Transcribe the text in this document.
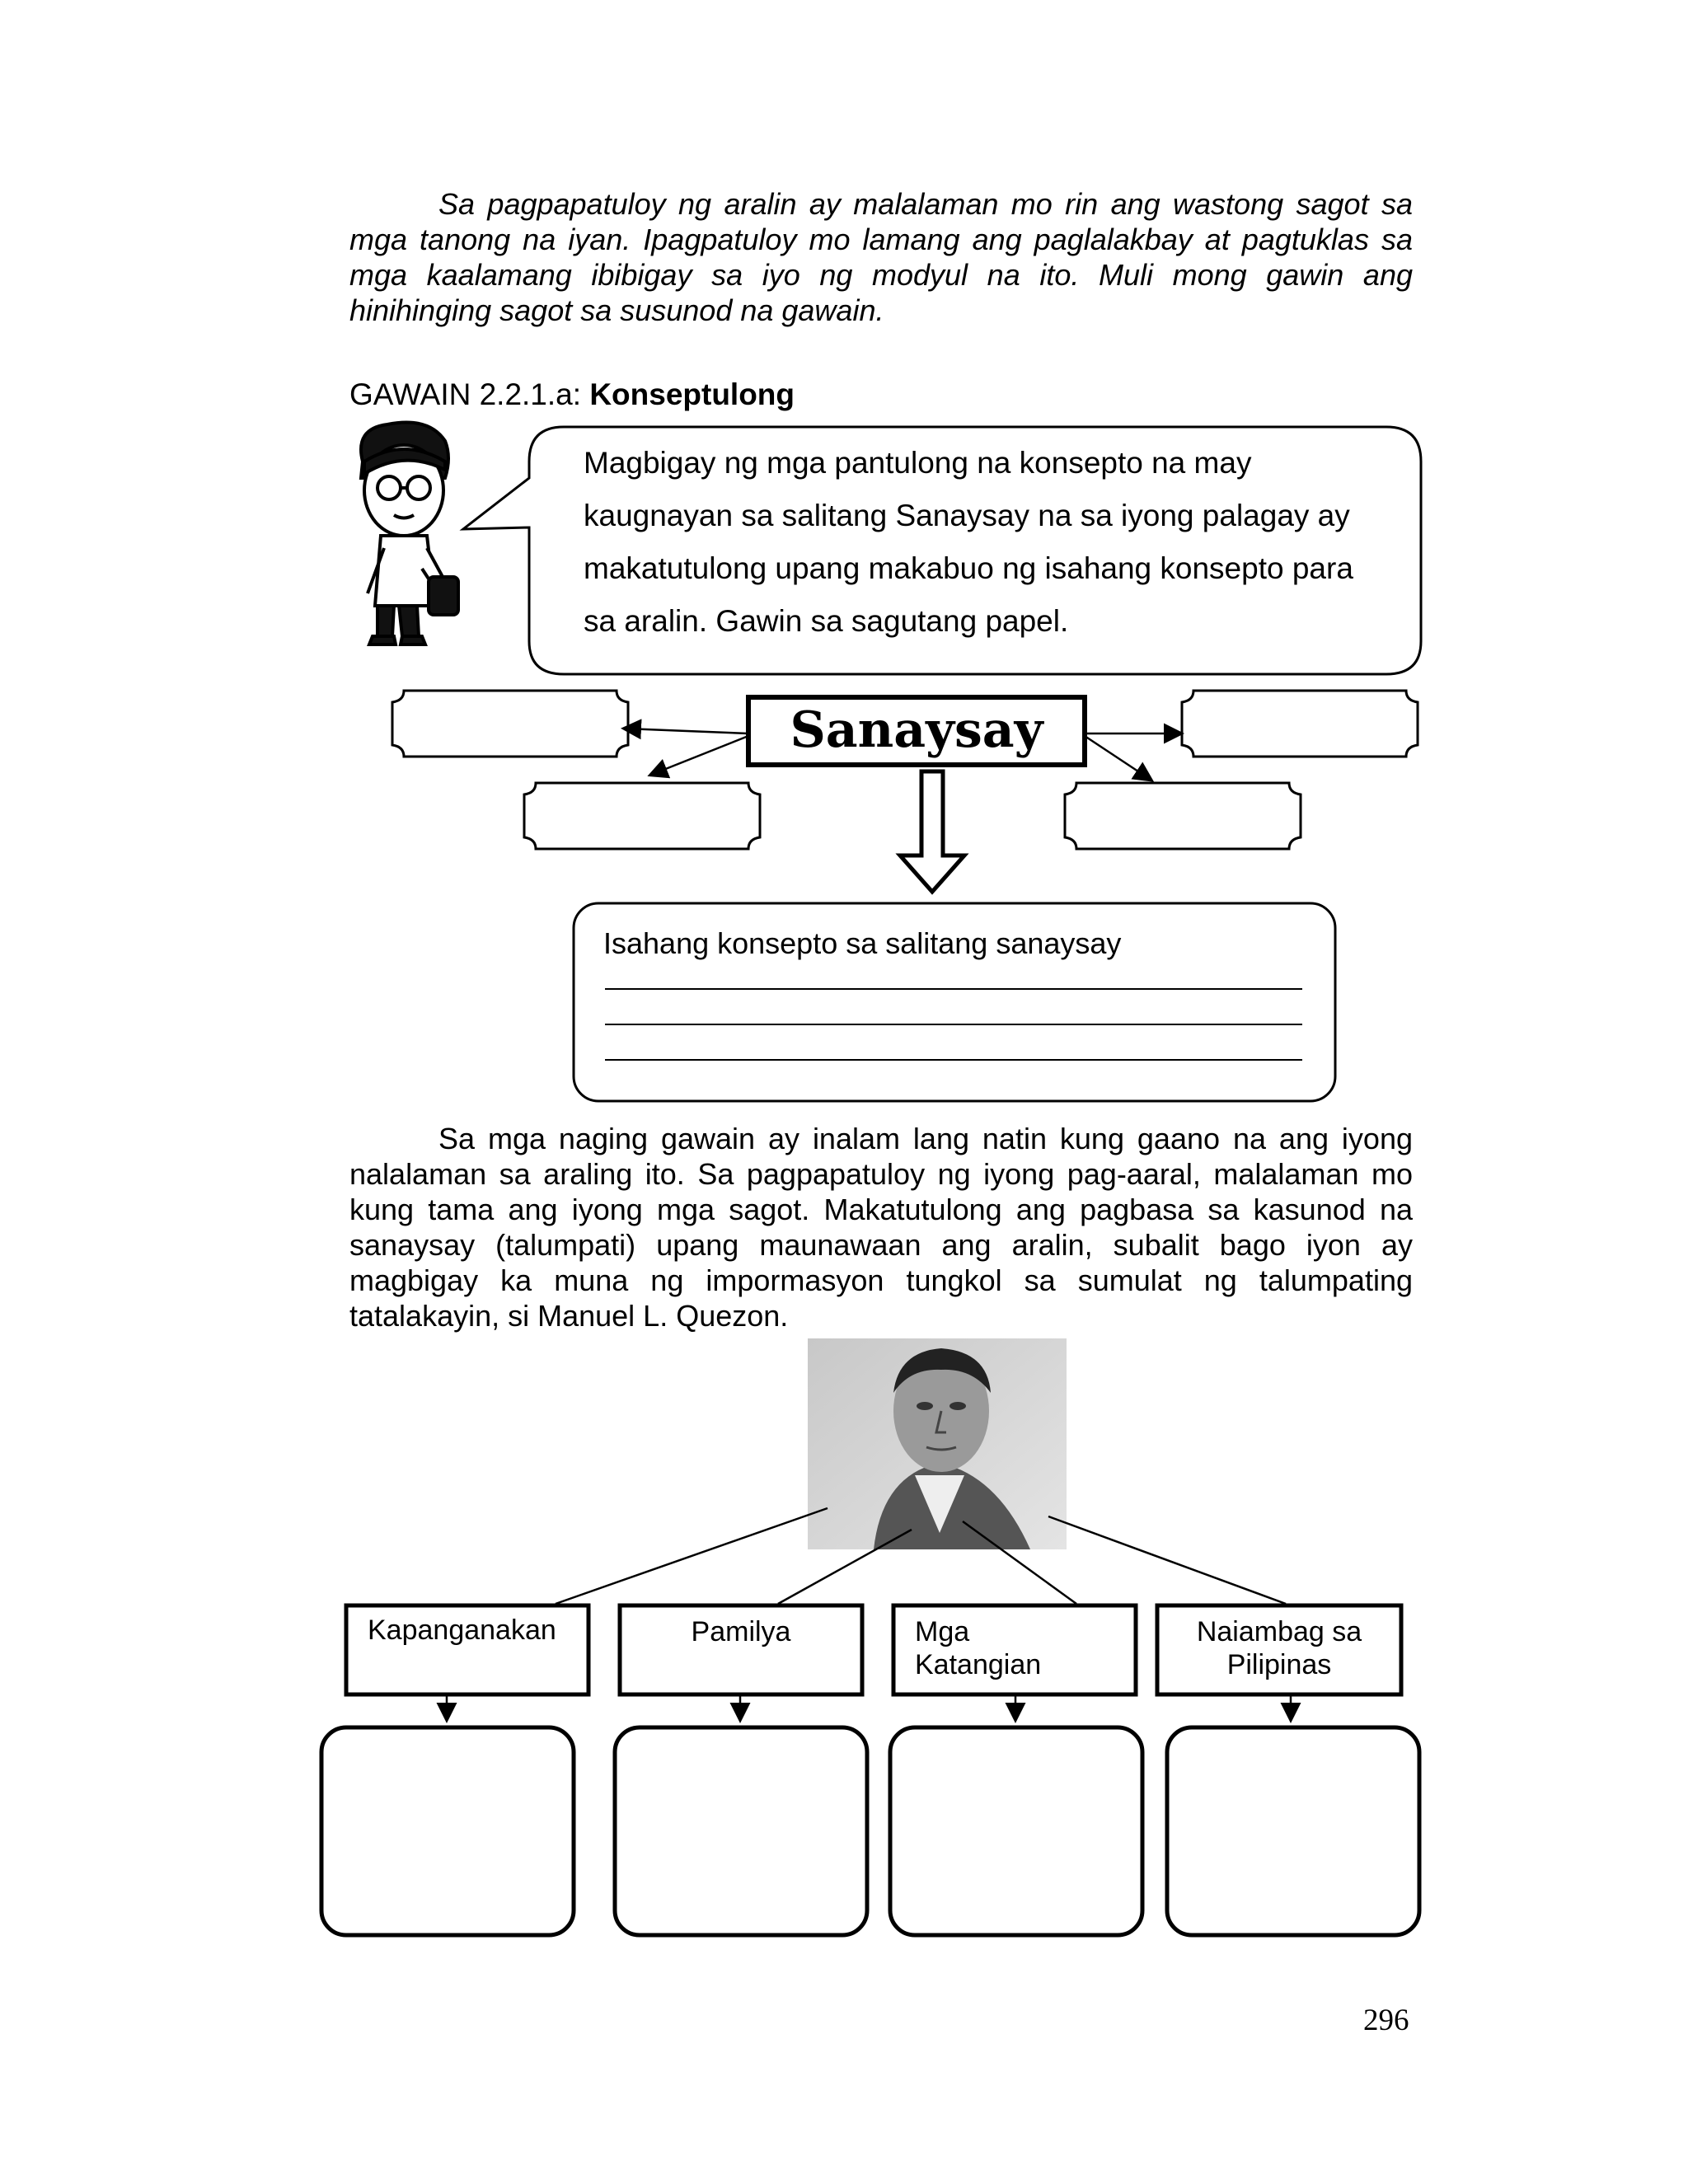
Sa pagpapatuloy ng aralin ay malalaman mo rin ang wastong sagot sa mga tanong na iyan. Ipagpatuloy mo lamang ang paglalakbay at pagtuklas sa mga kaalamang ibibigay sa iyo ng modyul na ito. Muli mong gawin ang hinihinging sagot sa susunod na gawain.
GAWAIN 2.2.1.a: Konseptulong
Sanaysay
Magbigay ng mga pantulong na konsepto na may
kaugnayan sa salitang Sanaysay na sa iyong palagay ay
makatutulong upang makabuo ng isahang konsepto para
sa aralin. Gawin sa sagutang papel.
Isahang konsepto sa salitang sanaysay
Sa mga naging gawain ay inalam lang natin kung gaano na ang iyong nalalaman sa araling ito. Sa pagpapatuloy ng iyong pag-aaral, malalaman mo kung tama ang iyong mga sagot. Makatutulong ang pagbasa sa kasunod na sanaysay (talumpati) upang maunawaan ang aralin, subalit bago iyon ay magbigay ka muna ng impormasyon tungkol sa sumulat ng talumpating tatalakayin, si Manuel L. Quezon.
Kapanganakan	Pamilya	Mga
Katangian
Naiambag sa
Pilipinas
296
